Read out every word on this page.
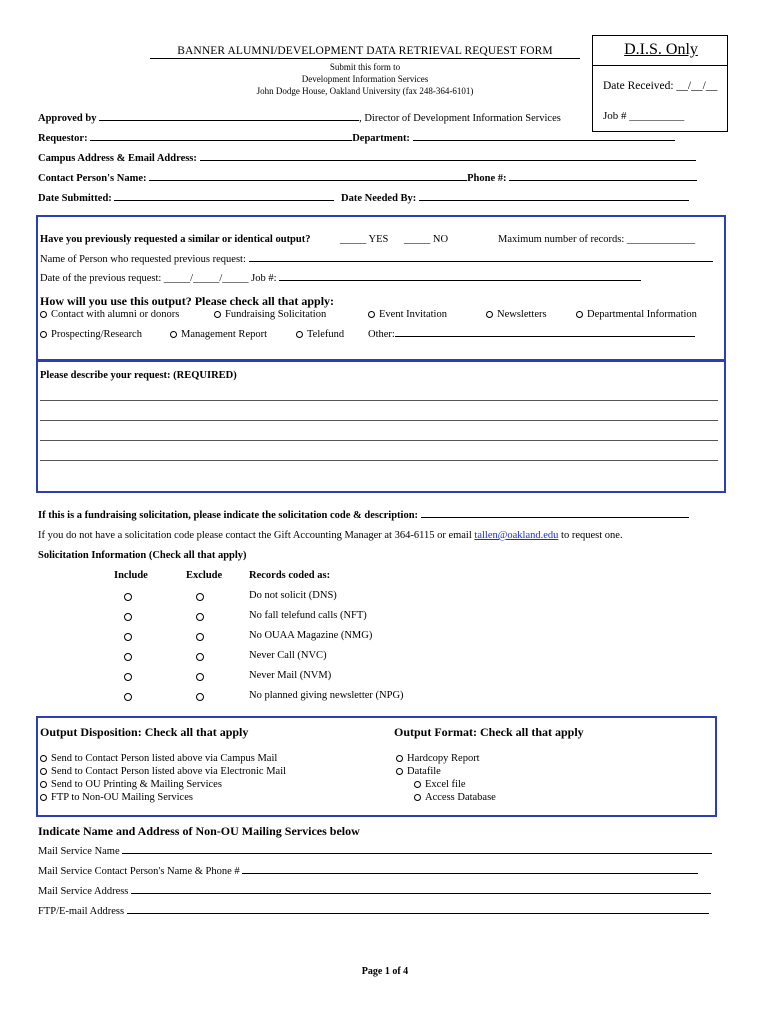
BANNER ALUMNI/DEVELOPMENT DATA RETRIEVAL REQUEST FORM
Submit this form to
Development Information Services
John Dodge House, Oakland University (fax 248-364-6101)
D.I.S. Only
Date Received: __/__/__
Job # __________
Approved by	, Director of Development Information Services
Requestor:	Department:
Campus Address & Email Address:
Contact Person's Name:	Phone #:
Date Submitted:	Date Needed By:
Have you previously requested a similar or identical output?	_____ YES _____ NO	Maximum number of records: _____________
Name of Person who requested previous request:
Date of the previous request: _____/_____/_____ Job #:
How will you use this output? Please check all that apply:
Contact with alumni or donors	Fundraising Solicitation	Event Invitation	Newsletters	Departmental Information
Prospecting/Research	Management Report	Telefund Other:
Please describe your request: (REQUIRED)
If this is a fundraising solicitation, please indicate the solicitation code & description:
If you do not have a solicitation code please contact the Gift Accounting Manager at 364-6115 or email tallen@oakland.edu to request one.
Solicitation Information (Check all that apply)
Include	Exclude	Records coded as:
Do not solicit (DNS)
No fall telefund calls (NFT)
No OUAA Magazine (NMG)
Never Call (NVC)
Never Mail (NVM)
No planned giving newsletter (NPG)
Output Disposition: Check all that apply	Output Format: Check all that apply
Send to Contact Person listed above via Campus Mail
Send to Contact Person listed above via Electronic Mail
Send to OU Printing & Mailing Services
FTP to Non-OU Mailing Services
Hardcopy Report
Datafile
Excel file
Access Database
Indicate Name and Address of Non-OU Mailing Services below
Mail Service Name
Mail Service Contact Person's Name & Phone #
Mail Service Address
FTP/E-mail Address
Page 1 of 4
